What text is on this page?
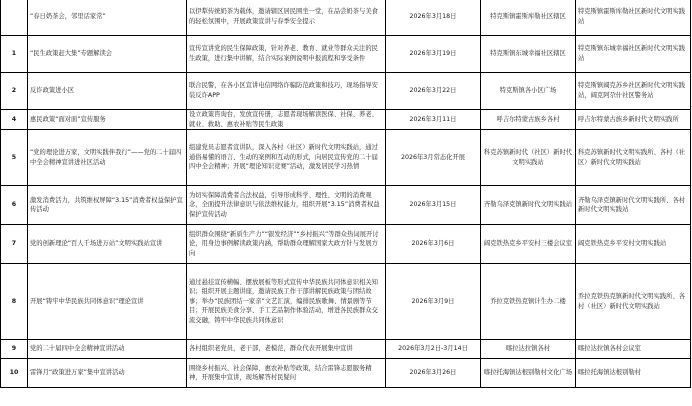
	“春日奶茶会，邻里话家常”	以伊犁传统奶茶为载体，邀请辖区居民围坐一堂，在品尝奶茶与美食的轻松氛围中，开展政策宣讲与春季安全提示	2026年3月18日	特克斯镇霍斯库勒社区辖区	特克斯镇霍斯库勒社区新时代文明实践站
1	“民生政策赶大集”专题解读会	宣传宣讲党的民生保障政策，针对养老、教育、就业等群众关注的民生政策，进行集中讲解，结合实际案例说明申报流程和享受条件	2026年3月19日	特克斯镇东城幸福社区辖区	特克斯镇东城幸福社区新时代文明实践站
2	反诈政策进小区	联合民警，在各小区宣讲电信网络诈骗防范政策和技巧，现场指导安装反诈APP	2026年3月22日	特克斯镇各小区广场	特克斯镇阔克苏乡社区新时代文明实践站，阔克阿尕什社区警务站
4	惠民政策“面对面”宣传服务	设立政策咨询台，发放宣传册，志愿者现场解读医保、社保、养老、就业、救助、惠农补贴等民生政策	2026年3月11日	呼吉尔特蒙古族乡各村	呼吉尔特蒙古族乡新时代文明实践所
5	“党的理论进万家，文明实践伴我行”——党的二十届四中全会精神宣讲进社区活动	组建党员志愿者宣讲队，深入各村（社区）新时代文明实践站，通过通俗易懂的语言、生动的案例和互动的形式，向居民宣传党的二十届四中全会精神；开展“理论知识竞赛”活动，激发居民学习热情	2026年3月常态化开展	科克苏镇新时代（社区）新时代文明实践站	科克苏镇新时代文明实践所、各村（社区）新时代文明实践站
6	激发消费活力，共筑维权屏障“3.15”消费者权益保护宣传活动	为切实保障消费者合法权益，引导形成科学、理性、文明的消费观念，全面提升法律意识与依法维权能力，组织开展“3.15”消费者权益保护宣传活动	2026年3月15日	齐勒乌泽克镇新时代文明实践站	齐勒乌泽克镇新时代文明实践所、各村新时代文明实践站
7	党的创新理论“百人千场进万站”文明实践站宣讲	组织群众围绕“新质生产力”“银发经济”“乡村振兴”等群众热词展开讨论，用身边事例解读政策内涵，帮助群众理解国家大政方针与发展方向	2026年3月6日	阔克铁热克乡平安村三楼会议室	阔克铁热克乡平安村文明实践站
8	开展“铸牢中华民族共同体意识”理论宣讲	通过悬挂宣传横幅、摆放展板等形式宣传中华民族共同体意识相关知识；组织开展主题讲座，邀请民族工作干部讲解民族政策与团结故事；举办“民族团结一家亲”文艺汇演，编排民族歌舞、情景剧等节目；开展民族美食分享、手工艺品制作体验活动，增进各民族群众交流交融，铸牢中华民族共同体意识	2026年3月9日	乔拉克铁热克镇计生办二楼	乔拉克铁热克镇新时代文明实践所、各村（社区）新时代文明实践站
9	党的二十届四中全会精神宣讲活动	各村组织老党员，老干部，老模范，群众代表开展集中宣讲	2026年3月2日-3月14日	喀拉达拉镇各村	喀拉达拉镇各村会议室
10	雷锋月“政策进万家”集中宣讲活动	围绕乡村振兴、社会保障、惠农补贴等政策，结合雷锋志愿服务精神，开展集中宣讲，现场解答村民疑问	2026年3月26日	喀拉托海镇达根别勒村文化广场	喀拉托海镇达根别勒村
